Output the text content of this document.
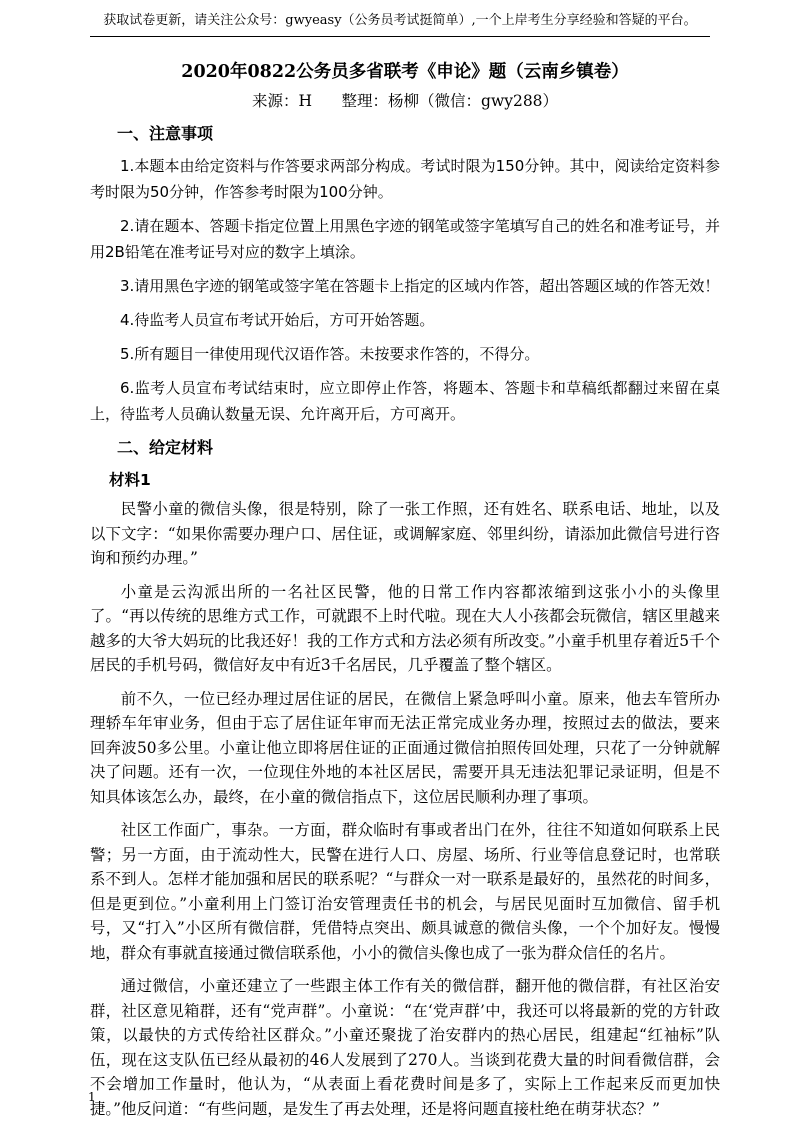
获取试卷更新，请关注公众号：gwyeasy（公务员考试挺简单）,一个上岸考生分享经验和答疑的平台。
2020年0822公务员多省联考《申论》题（云南乡镇卷）
来源：H      整理：杨柳（微信：gwy288）
一、注意事项

1.本题本由给定资料与作答要求两部分构成。考试时限为150分钟。其中，阅读给定资料参考时限为50分钟，作答参考时限为100分钟。

2.请在题本、答题卡指定位置上用黑色字迹的钢笔或签字笔填写自己的姓名和准考证号，并用2B铅笔在准考证号对应的数字上填涂。

3.请用黑色字迹的钢笔或签字笔在答题卡上指定的区域内作答，超出答题区域的作答无效！

4.待监考人员宣布考试开始后，方可开始答题。

5.所有题目一律使用现代汉语作答。未按要求作答的，不得分。

6.监考人员宣布考试结束时，应立即停止作答，将题本、答题卡和草稿纸都翻过来留在桌上，待监考人员确认数量无误、允许离开后，方可离开。

二、给定材料
材料1

民警小童的微信头像，很是特别，除了一张工作照，还有姓名、联系电话、地址，以及以下文字：“如果你需要办理户口、居住证，或调解家庭、邻里纠纷，请添加此微信号进行咨询和预约办理。”

小童是云沟派出所的一名社区民警，他的日常工作内容都浓缩到这张小小的头像里了。“再以传统的思维方式工作，可就跟不上时代啦。现在大人小孩都会玩微信，辖区里越来越多的大爷大妈玩的比我还好！我的工作方式和方法必须有所改变。”小童手机里存着近5千个居民的手机号码，微信好友中有近3千名居民，几乎覆盖了整个辖区。

前不久，一位已经办理过居住证的居民，在微信上紧急呼叫小童。原来，他去车管所办理轿车年审业务，但由于忘了居住证年审而无法正常完成业务办理，按照过去的做法，要来回奔波50多公里。小童让他立即将居住证的正面通过微信拍照传回处理，只花了一分钟就解决了问题。还有一次，一位现住外地的本社区居民，需要开具无违法犯罪记录证明，但是不知具体该怎么办，最终，在小童的微信指点下，这位居民顺利办理了事项。

社区工作面广，事杂。一方面，群众临时有事或者出门在外，往往不知道如何联系上民警；另一方面，由于流动性大，民警在进行人口、房屋、场所、行业等信息登记时，也常联系不到人。怎样才能加强和居民的联系呢？“与群众一对一联系是最好的，虽然花的时间多，但是更到位。”小童利用上门签订治安管理责任书的机会，与居民见面时互加微信、留手机号，又“打入”小区所有微信群，凭借特点突出、颇具诚意的微信头像，一个个加好友。慢慢地，群众有事就直接通过微信联系他，小小的微信头像也成了一张为群众信任的名片。

通过微信，小童还建立了一些跟主体工作有关的微信群，翻开他的微信群，有社区治安群，社区意见箱群，还有“党声群”。小童说：“在‘党声群’中，我还可以将最新的党的方针政策，以最快的方式传给社区群众。”小童还聚拢了治安群内的热心居民，组建起“红袖标”队伍，现在这支队伍已经从最初的46人发展到了270人。当谈到花费大量的时间看微信群，会不会增加工作量时，他认为，“从表面上看花费时间是多了，实际上工作起来反而更加快捷。”他反问道：“有些问题，是发生了再去处理，还是将问题直接杜绝在萌芽状态？”

1
